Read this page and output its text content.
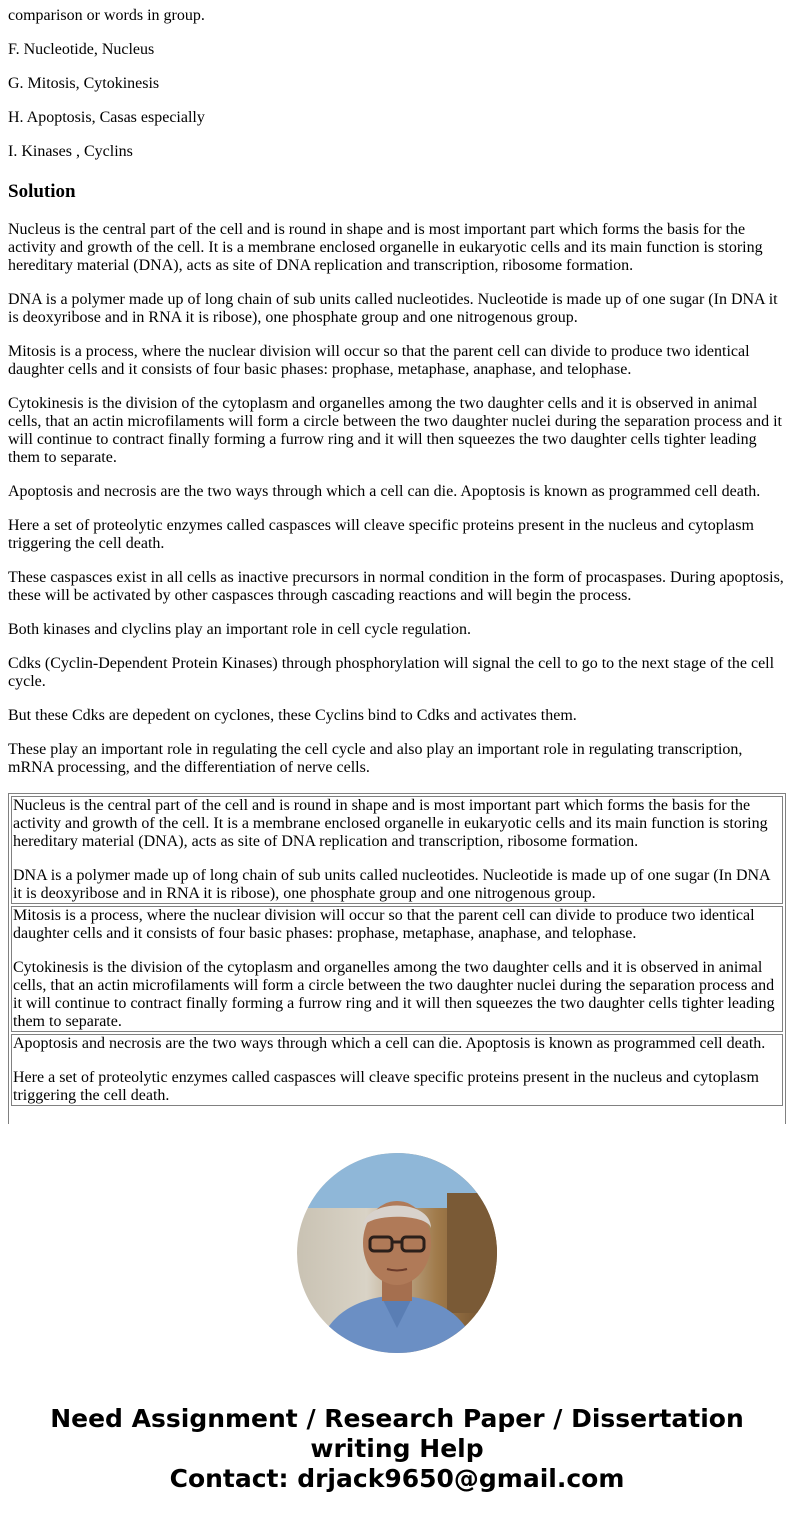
comparison or words in group.

F. Nucleotide, Nucleus

G. Mitosis, Cytokinesis

H. Apoptosis, Casas especially

I. Kinases , Cyclins

Solution

Nucleus is the central part of the cell and is round in shape and is most important part which forms the basis for the activity and growth of the cell. It is a membrane enclosed organelle in eukaryotic cells and its main function is storing hereditary material (DNA), acts as site of DNA replication and transcription, ribosome formation.

DNA is a polymer made up of long chain of sub units called nucleotides. Nucleotide is made up of one sugar (In DNA it is deoxyribose and in RNA it is ribose), one phosphate group and one nitrogenous group.

Mitosis is a process, where the nuclear division will occur so that the parent cell can divide to produce two identical daughter cells and it consists of four basic phases: prophase, metaphase, anaphase, and telophase.

Cytokinesis is the division of the cytoplasm and organelles among the two daughter cells and it is observed in animal cells, that an actin microfilaments will form a circle between the two daughter nuclei during the separation process and it will continue to contract finally forming a furrow ring and it will then squeezes the two daughter cells tighter leading them to separate.

Apoptosis and necrosis are the two ways through which a cell can die. Apoptosis is known as programmed cell death.

Here a set of proteolytic enzymes called caspasces will cleave specific proteins present in the nucleus and cytoplasm triggering the cell death.

These caspasces exist in all cells as inactive precursors in normal condition in the form of procaspases. During apoptosis, these will be activated by other caspasces through cascading reactions and will begin the process.

Both kinases and clyclins play an important role in cell cycle regulation.

Cdks (Cyclin-Dependent Protein Kinases) through phosphorylation will signal the cell to go to the next stage of the cell cycle.

But these Cdks are depedent on cyclones, these Cyclins bind to Cdks and activates them.

These play an important role in regulating the cell cycle and also play an important role in regulating transcription, mRNA processing, and the differentiation of nerve cells.

Nucleus is the central part of the cell and is round in shape and is most important part which forms the basis for the activity and growth of the cell. It is a membrane enclosed organelle in eukaryotic cells and its main function is storing hereditary material (DNA), acts as site of DNA replication and transcription, ribosome formation.

DNA is a polymer made up of long chain of sub units called nucleotides. Nucleotide is made up of one sugar (In DNA it is deoxyribose and in RNA it is ribose), one phosphate group and one nitrogenous group.

Mitosis is a process, where the nuclear division will occur so that the parent cell can divide to produce two identical daughter cells and it consists of four basic phases: prophase, metaphase, anaphase, and telophase.

Cytokinesis is the division of the cytoplasm and organelles among the two daughter cells and it is observed in animal cells, that an actin microfilaments will form a circle between the two daughter nuclei during the separation process and it will continue to contract finally forming a furrow ring and it will then squeezes the two daughter cells tighter leading them to separate.

Apoptosis and necrosis are the two ways through which a cell can die. Apoptosis is known as programmed cell death.

Here a set of proteolytic enzymes called caspasces will cleave specific proteins present in the nucleus and cytoplasm triggering the cell death.

Need Assignment / Research Paper / Dissertation
writing Help
Contact: drjack9650@gmail.com
